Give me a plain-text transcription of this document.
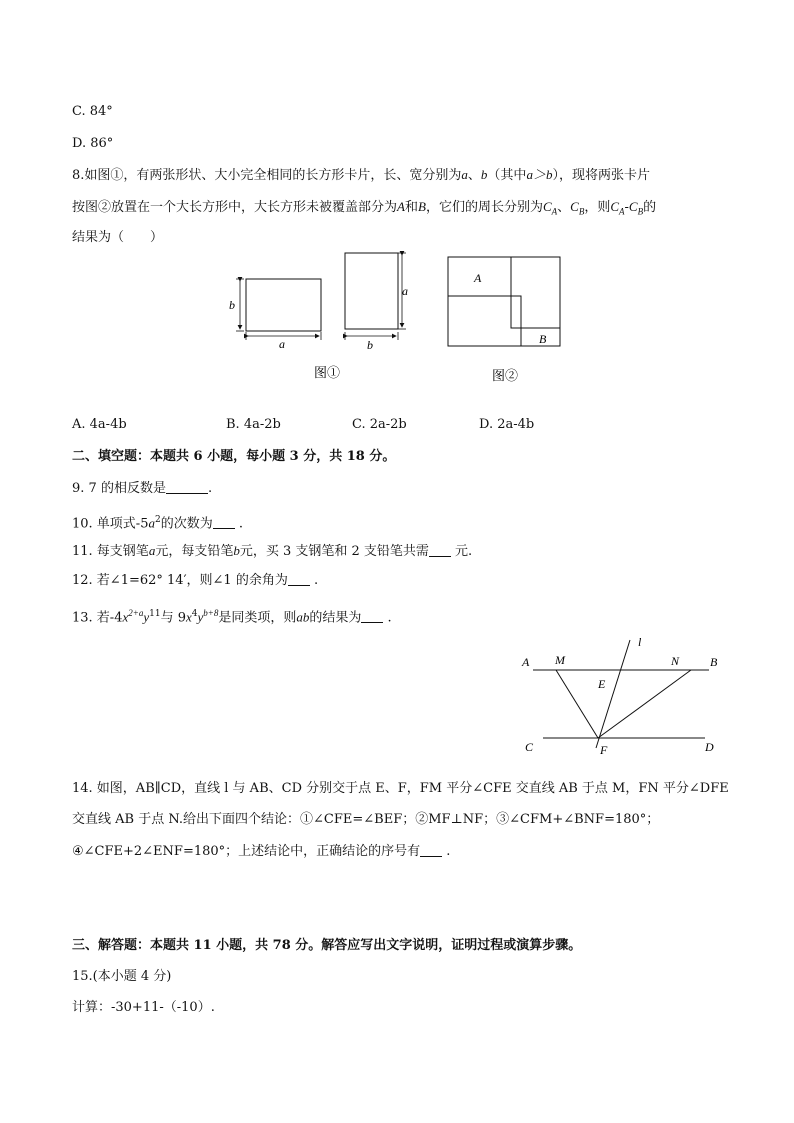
C. 84°
D. 86°
8.如图①，有两张形状、大小完全相同的长方形卡片，长、宽分别为a、b（其中a＞b），现将两张卡片
按图②放置在一个大长方形中，大长方形未被覆盖部分为A和B，它们的周长分别为$C_A$、$C_B$，则$C_A-C_B$的
结果为（　　）
b
a
a
b
A
B
图①	图②
A. 4a-4b	B. 4a-2b	C. 2a-2b	D. 2a-4b
二、填空题：本题共 6 小题，每小题 3 分，共 18 分。
9. 7 的相反数是	.
10. 单项式$-5a^2$的次数为 .
11. 每支钢笔a元，每支铅笔b元，买 3 支钢笔和 2 支铅笔共需 元.
12. 若∠1=62° 14′，则∠1 的余角为 .
13. 若$-4x^{2+a}y^{11}$与 $9x^4y^{b+8}$是同类项，则ab的结果为 .
A M
l
N	B
E
C	F	D
14. 如图，AB∥CD，直线 l 与 AB、CD 分别交于点 E、F，FM 平分∠CFE 交直线 AB 于点 M，FN 平分∠DFE
交直线 AB 于点 N.给出下面四个结论：①∠CFE=∠BEF；②MF⊥NF；③∠CFM+∠BNF=180°；
④∠CFE+2∠ENF=180°；上述结论中，正确结论的序号有 .
三、解答题：本题共 11 小题，共 78 分。解答应写出文字说明，证明过程或演算步骤。
15.(本小题 4 分)
计算：-30+11-（-10）.
